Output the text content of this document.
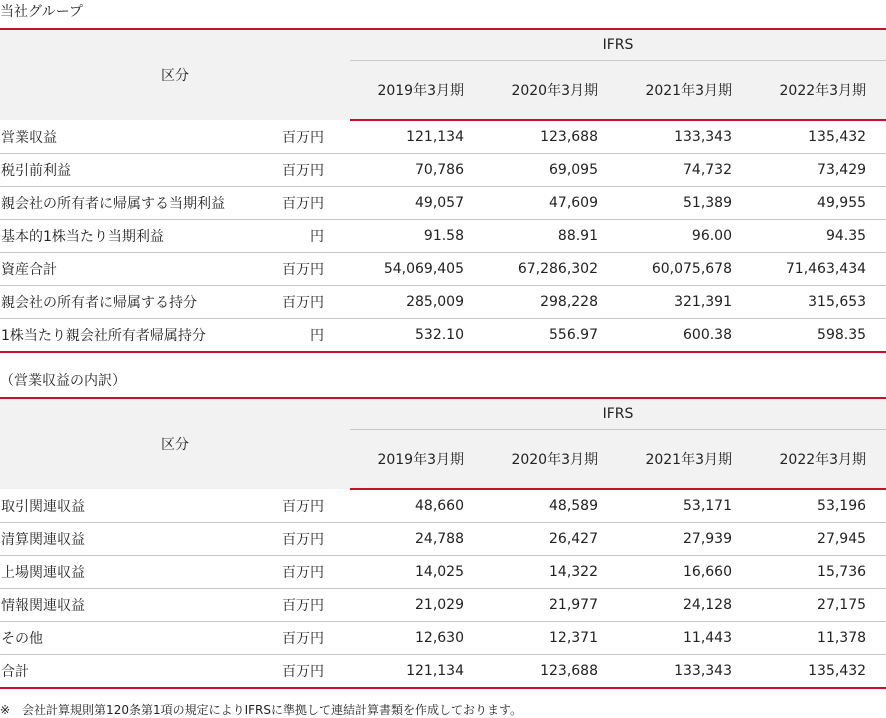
当社グループ
区分		IFRS			
		2019年3月期	2020年3月期	2021年3月期	2022年3月期
営業収益	百万円	121,134	123,688	133,343	135,432
税引前利益	百万円	70,786	69,095	74,732	73,429
親会社の所有者に帰属する当期利益	百万円	49,057	47,609	51,389	49,955
基本的1株当たり当期利益	円	91.58	88.91	96.00	94.35
資産合計	百万円	54,069,405	67,286,302	60,075,678	71,463,434
親会社の所有者に帰属する持分	百万円	285,009	298,228	321,391	315,653
1株当たり親会社所有者帰属持分	円	532.10	556.97	600.38	598.35
（営業収益の内訳）
区分		IFRS			
		2019年3月期	2020年3月期	2021年3月期	2022年3月期
取引関連収益	百万円	48,660	48,589	53,171	53,196
清算関連収益	百万円	24,788	26,427	27,939	27,945
上場関連収益	百万円	14,025	14,322	16,660	15,736
情報関連収益	百万円	21,029	21,977	24,128	27,175
その他	百万円	12,630	12,371	11,443	11,378
合計	百万円	121,134	123,688	133,343	135,432
※　会社計算規則第120条第1項の規定によりIFRSに準拠して連結計算書類を作成しております。
